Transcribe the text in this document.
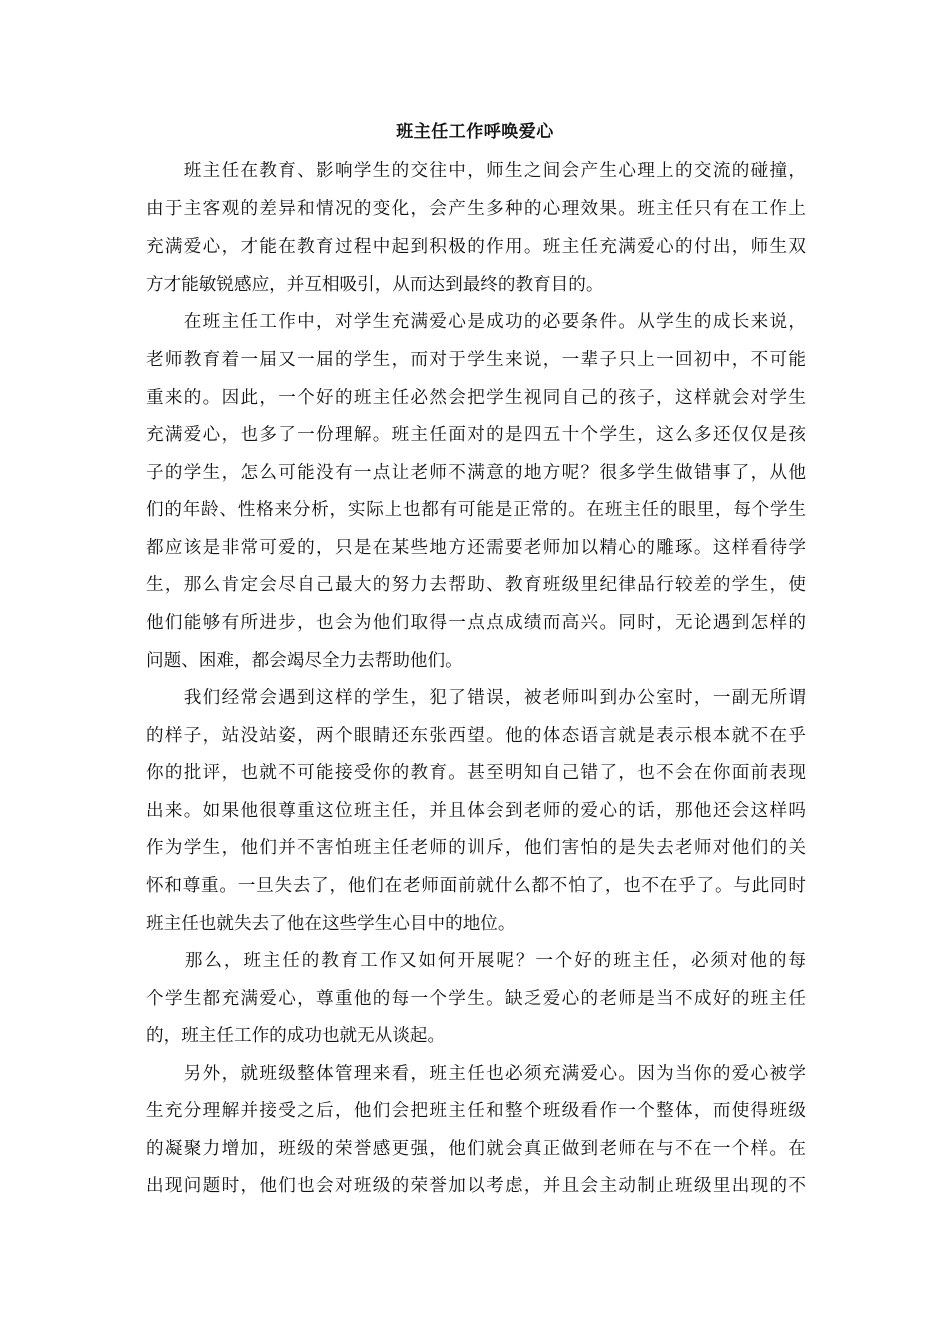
班主任工作呼唤爱心
　　班主任在教育、影响学生的交往中，师生之间会产生心理上的交流的碰撞，
由于主客观的差异和情况的变化，会产生多种的心理效果。班主任只有在工作上
充满爱心，才能在教育过程中起到积极的作用。班主任充满爱心的付出，师生双
方才能敏锐感应，并互相吸引，从而达到最终的教育目的。
　　在班主任工作中，对学生充满爱心是成功的必要条件。从学生的成长来说，
老师教育着一届又一届的学生，而对于学生来说，一辈子只上一回初中，不可能
重来的。因此，一个好的班主任必然会把学生视同自己的孩子，这样就会对学生
充满爱心，也多了一份理解。班主任面对的是四五十个学生，这么多还仅仅是孩
子的学生，怎么可能没有一点让老师不满意的地方呢？很多学生做错事了，从他
们的年龄、性格来分析，实际上也都有可能是正常的。在班主任的眼里，每个学生
都应该是非常可爱的，只是在某些地方还需要老师加以精心的雕琢。这样看待学
生，那么肯定会尽自己最大的努力去帮助、教育班级里纪律品行较差的学生，使
他们能够有所进步，也会为他们取得一点点成绩而高兴。同时，无论遇到怎样的
问题、困难，都会竭尽全力去帮助他们。
　　我们经常会遇到这样的学生，犯了错误，被老师叫到办公室时，一副无所谓
的样子，站没站姿，两个眼睛还东张西望。他的体态语言就是表示根本就不在乎
你的批评，也就不可能接受你的教育。甚至明知自己错了，也不会在你面前表现
出来。如果他很尊重这位班主任，并且体会到老师的爱心的话，那他还会这样吗
作为学生，他们并不害怕班主任老师的训斥，他们害怕的是失去老师对他们的关
怀和尊重。一旦失去了，他们在老师面前就什么都不怕了，也不在乎了。与此同时
班主任也就失去了他在这些学生心目中的地位。
　　那么，班主任的教育工作又如何开展呢？一个好的班主任，必须对他的每
个学生都充满爱心，尊重他的每一个学生。缺乏爱心的老师是当不成好的班主任
的，班主任工作的成功也就无从谈起。
　　另外，就班级整体管理来看，班主任也必须充满爱心。因为当你的爱心被学
生充分理解并接受之后，他们会把班主任和整个班级看作一个整体，而使得班级
的凝聚力增加，班级的荣誉感更强，他们就会真正做到老师在与不在一个样。在
出现问题时，他们也会对班级的荣誉加以考虑，并且会主动制止班级里出现的不
